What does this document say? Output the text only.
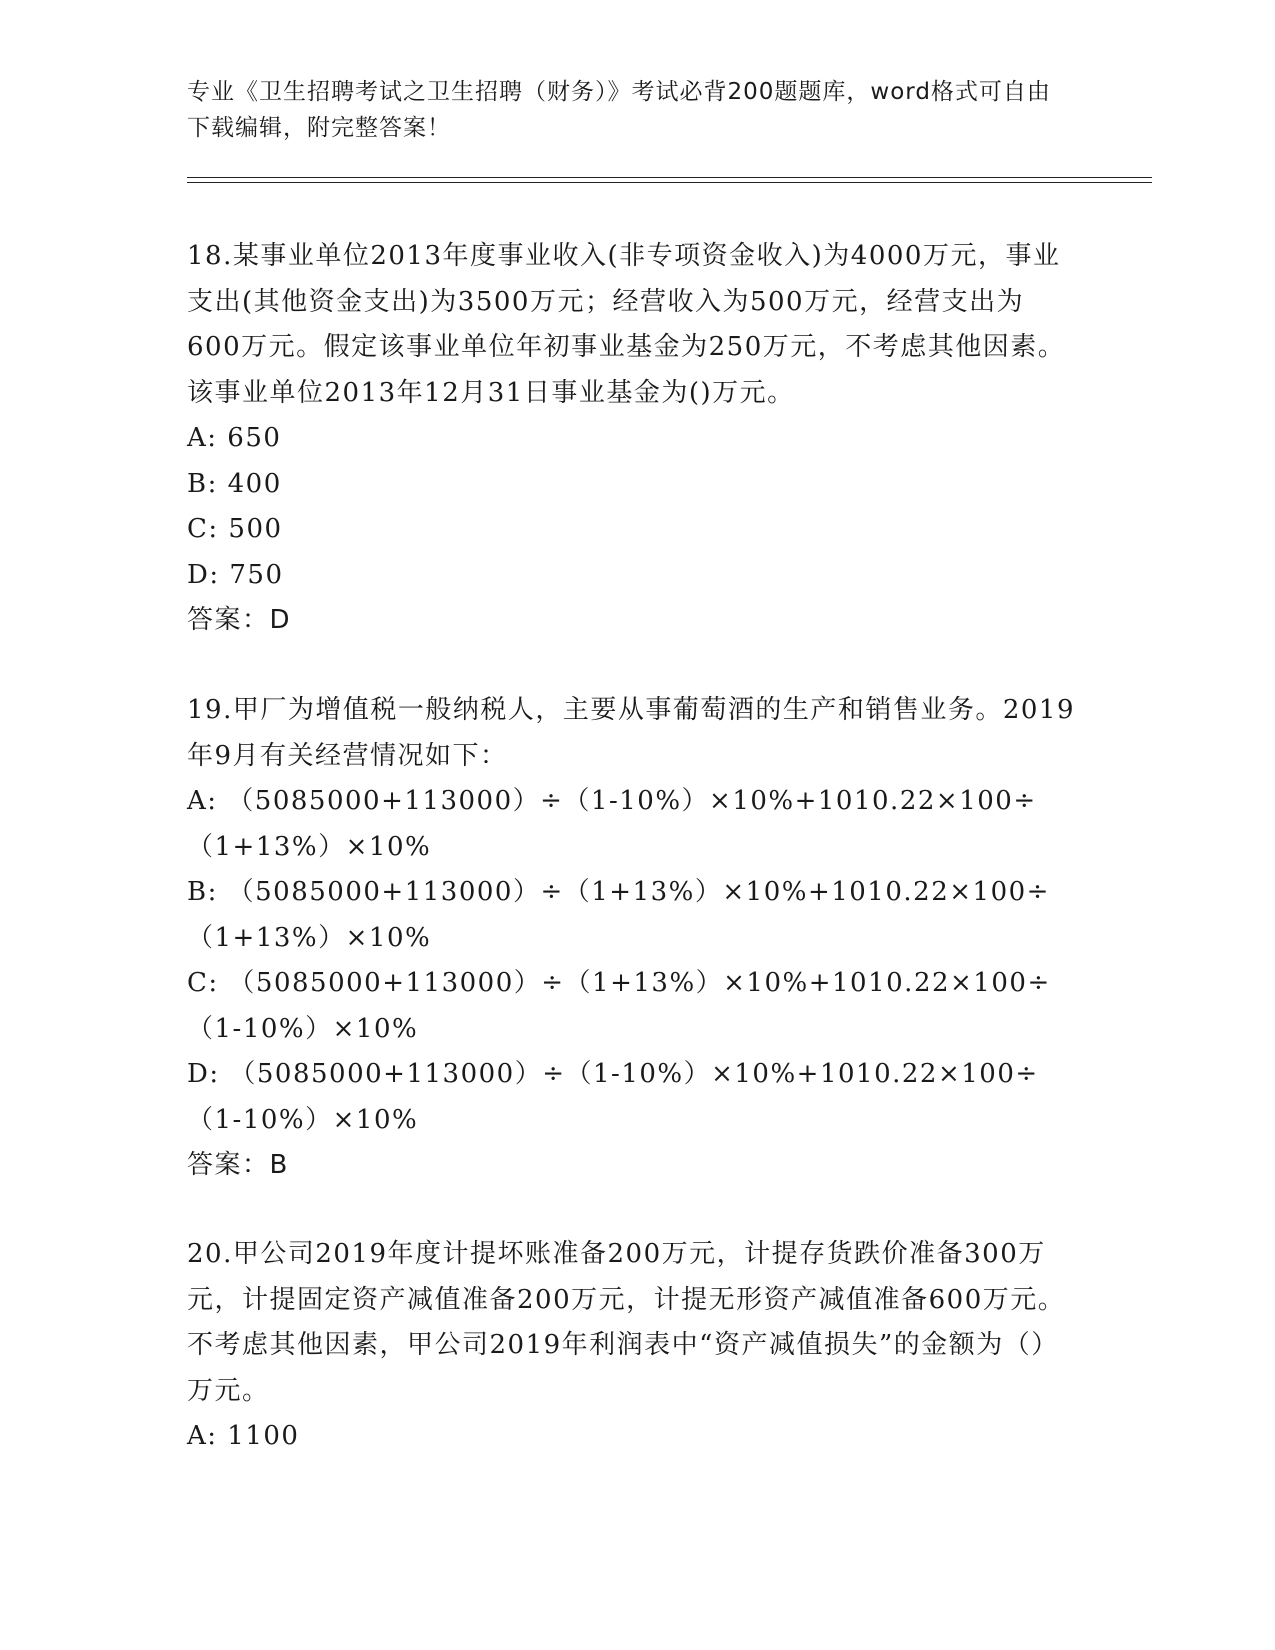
专业《卫生招聘考试之卫生招聘（财务）》考试必背200题题库，word格式可自由下载编辑，附完整答案！

18.某事业单位2013年度事业收入(非专项资金收入)为4000万元，事业支出(其他资金支出)为3500万元；经营收入为500万元，经营支出为600万元。假定该事业单位年初事业基金为250万元，不考虑其他因素。该事业单位2013年12月31日事业基金为()万元。

A: 650

B: 400

C: 500

D: 750

答案：D

19.甲厂为增值税一般纳税人，主要从事葡萄酒的生产和销售业务。2019年9月有关经营情况如下：

A: （5085000+113000）÷（1-10%）×10%+1010.22×100÷（1+13%）×10%

B: （5085000+113000）÷（1+13%）×10%+1010.22×100÷（1+13%）×10%

C: （5085000+113000）÷（1+13%）×10%+1010.22×100÷（1-10%）×10%

D: （5085000+113000）÷（1-10%）×10%+1010.22×100÷（1-10%）×10%

答案：B

20.甲公司2019年度计提坏账准备200万元，计提存货跌价准备300万元，计提固定资产减值准备200万元，计提无形资产减值准备600万元。不考虑其他因素，甲公司2019年利润表中“资产减值损失”的金额为（）万元。

A: 1100
